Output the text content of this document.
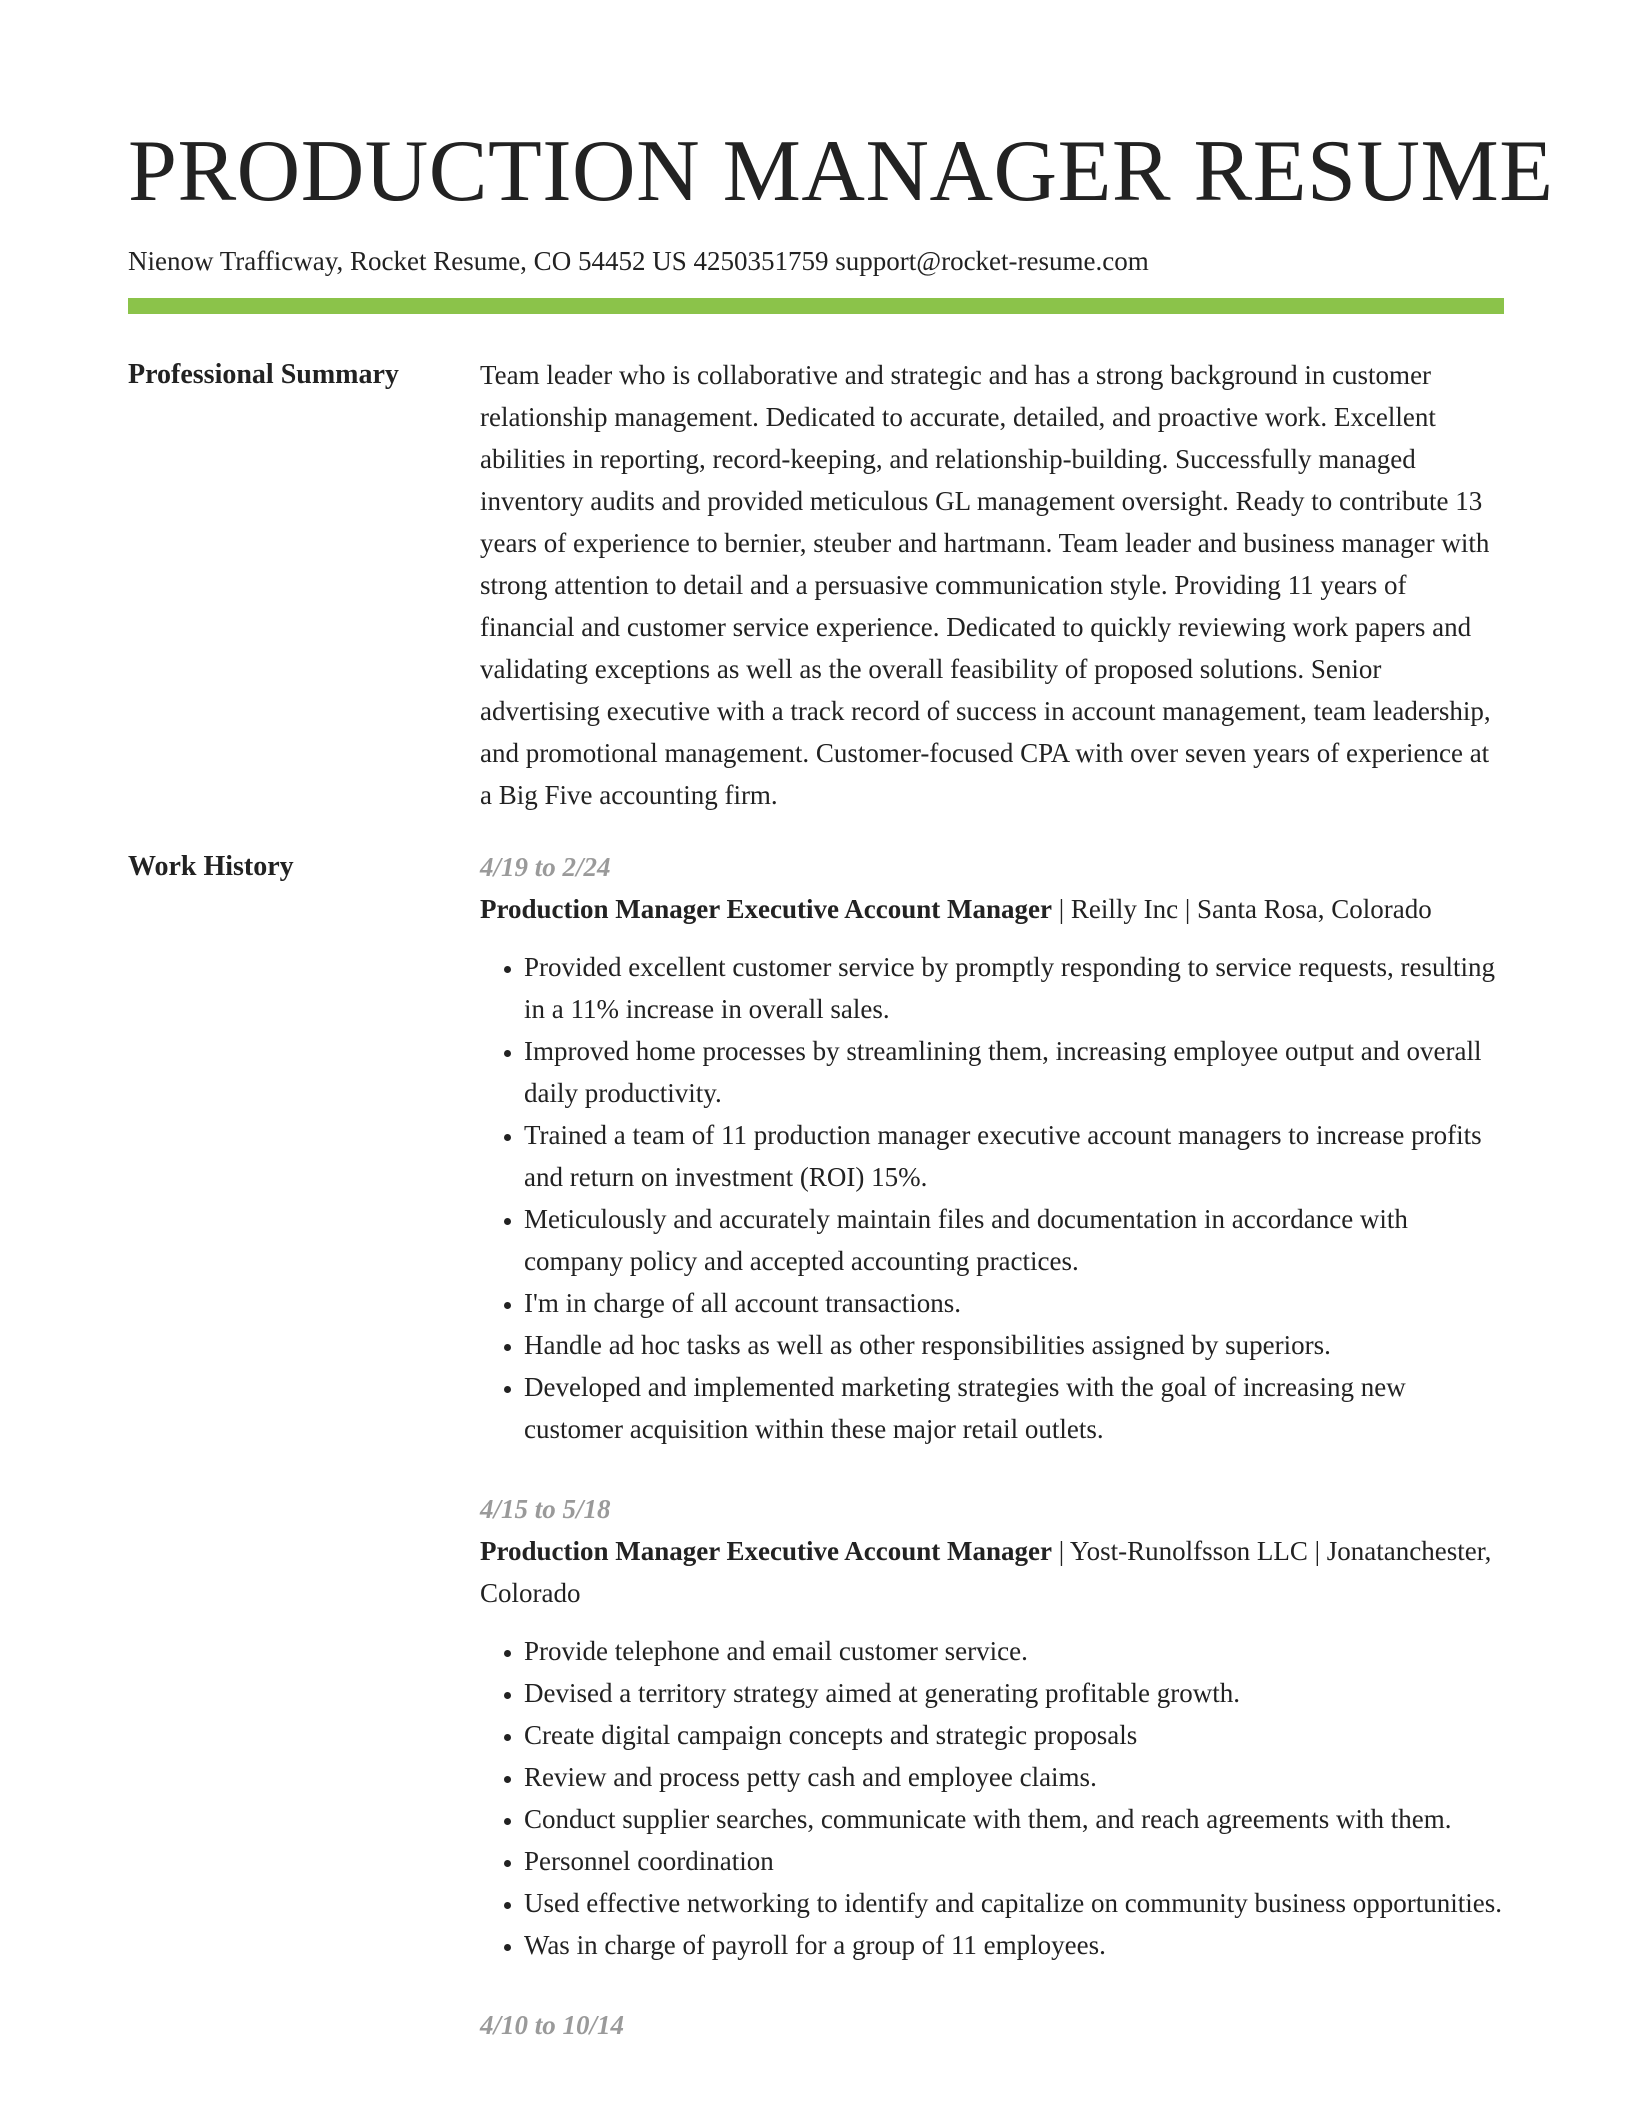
PRODUCTION MANAGER RESUME
Nienow Trafficway, Rocket Resume, CO 54452 US 4250351759 support@rocket-resume.com
Professional Summary	Team leader who is collaborative and strategic and has a strong background in customer relationship management. Dedicated to accurate, detailed, and proactive work. Excellent abilities in reporting, record-keeping, and relationship-building. Successfully managed inventory audits and provided meticulous GL management oversight. Ready to contribute 13 years of experience to bernier, steuber and hartmann. Team leader and business manager with strong attention to detail and a persuasive communication style. Providing 11 years of financial and customer service experience. Dedicated to quickly reviewing work papers and validating exceptions as well as the overall feasibility of proposed solutions. Senior advertising executive with a track record of success in account management, team leadership, and promotional management. Customer-focused CPA with over seven years of experience at a Big Five accounting firm.

Work History	4/19 to 2/24
Production Manager Executive Account Manager | Reilly Inc | Santa Rosa, Colorado
• Provided excellent customer service by promptly responding to service requests, resulting in a 11% increase in overall sales.
• Improved home processes by streamlining them, increasing employee output and overall daily productivity.
• Trained a team of 11 production manager executive account managers to increase profits and return on investment (ROI) 15%.
• Meticulously and accurately maintain files and documentation in accordance with company policy and accepted accounting practices.
• I'm in charge of all account transactions.
• Handle ad hoc tasks as well as other responsibilities assigned by superiors.
• Developed and implemented marketing strategies with the goal of increasing new customer acquisition within these major retail outlets.
4/15 to 5/18
Production Manager Executive Account Manager | Yost-Runolfsson LLC | Jonatanchester, Colorado
• Provide telephone and email customer service.
• Devised a territory strategy aimed at generating profitable growth.
• Create digital campaign concepts and strategic proposals
• Review and process petty cash and employee claims.
• Conduct supplier searches, communicate with them, and reach agreements with them.
• Personnel coordination
• Used effective networking to identify and capitalize on community business opportunities.
• Was in charge of payroll for a group of 11 employees.
4/10 to 10/14
